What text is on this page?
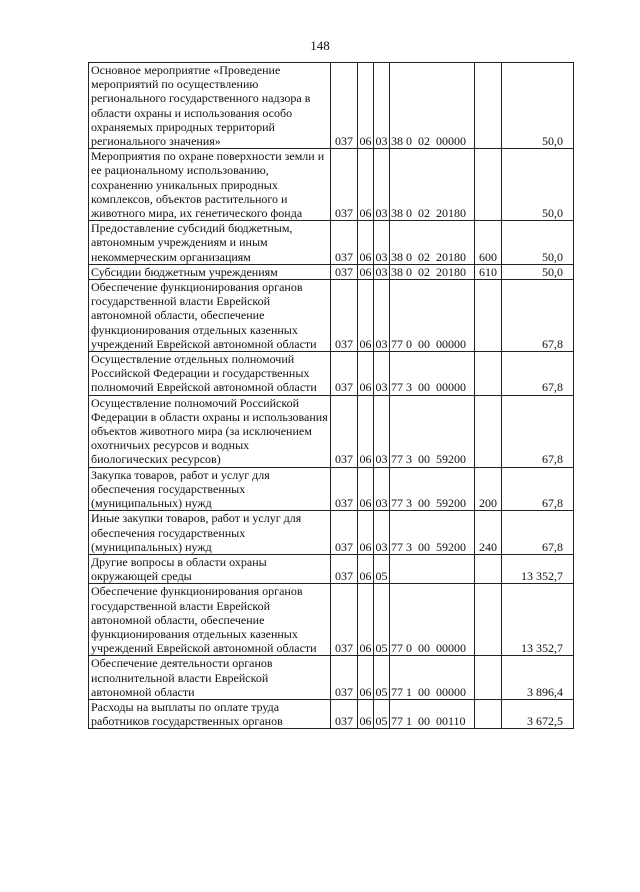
148
Основное мероприятие «Проведение мероприятий по осуществлению регионального государственного надзора в области охраны и использования особо охраняемых природных территорий регионального значения»	037	06	03	38 0  02  00000		50,0
Мероприятия по охране поверхности земли и ее рациональному использованию, сохранению уникальных природных комплексов, объектов растительного и животного мира, их генетического фонда	037	06	03	38 0  02  20180		50,0
Предоставление субсидий бюджетным, автономным учреждениям и иным некоммерческим организациям	037	06	03	38 0  02  20180	600	50,0
Субсидии бюджетным учреждениям	037	06	03	38 0  02  20180	610	50,0
Обеспечение функционирования органов государственной власти Еврейской автономной области, обеспечение функционирования отдельных казенных учреждений Еврейской автономной области	037	06	03	77 0  00  00000		67,8
Осуществление отдельных полномочий Российской Федерации и государственных полномочий Еврейской автономной области	037	06	03	77 3  00  00000		67,8
Осуществление полномочий Российской Федерации в области охраны и использования объектов животного мира (за исключением охотничьих ресурсов и водных биологических ресурсов)	037	06	03	77 3  00  59200		67,8
Закупка товаров, работ и услуг для обеспечения государственных (муниципальных) нужд	037	06	03	77 3  00  59200	200	67,8
Иные закупки товаров, работ и услуг для обеспечения государственных (муниципальных) нужд	037	06	03	77 3  00  59200	240	67,8
Другие вопросы в области охраны окружающей среды	037	06	05			13 352,7
Обеспечение функционирования органов государственной власти Еврейской автономной области, обеспечение функционирования отдельных казенных учреждений Еврейской автономной области	037	06	05	77 0  00  00000		13 352,7
Обеспечение деятельности органов исполнительной власти Еврейской автономной области	037	06	05	77 1  00  00000		3 896,4
Расходы на выплаты по оплате труда работников государственных органов	037	06	05	77 1  00  00110		3 672,5
